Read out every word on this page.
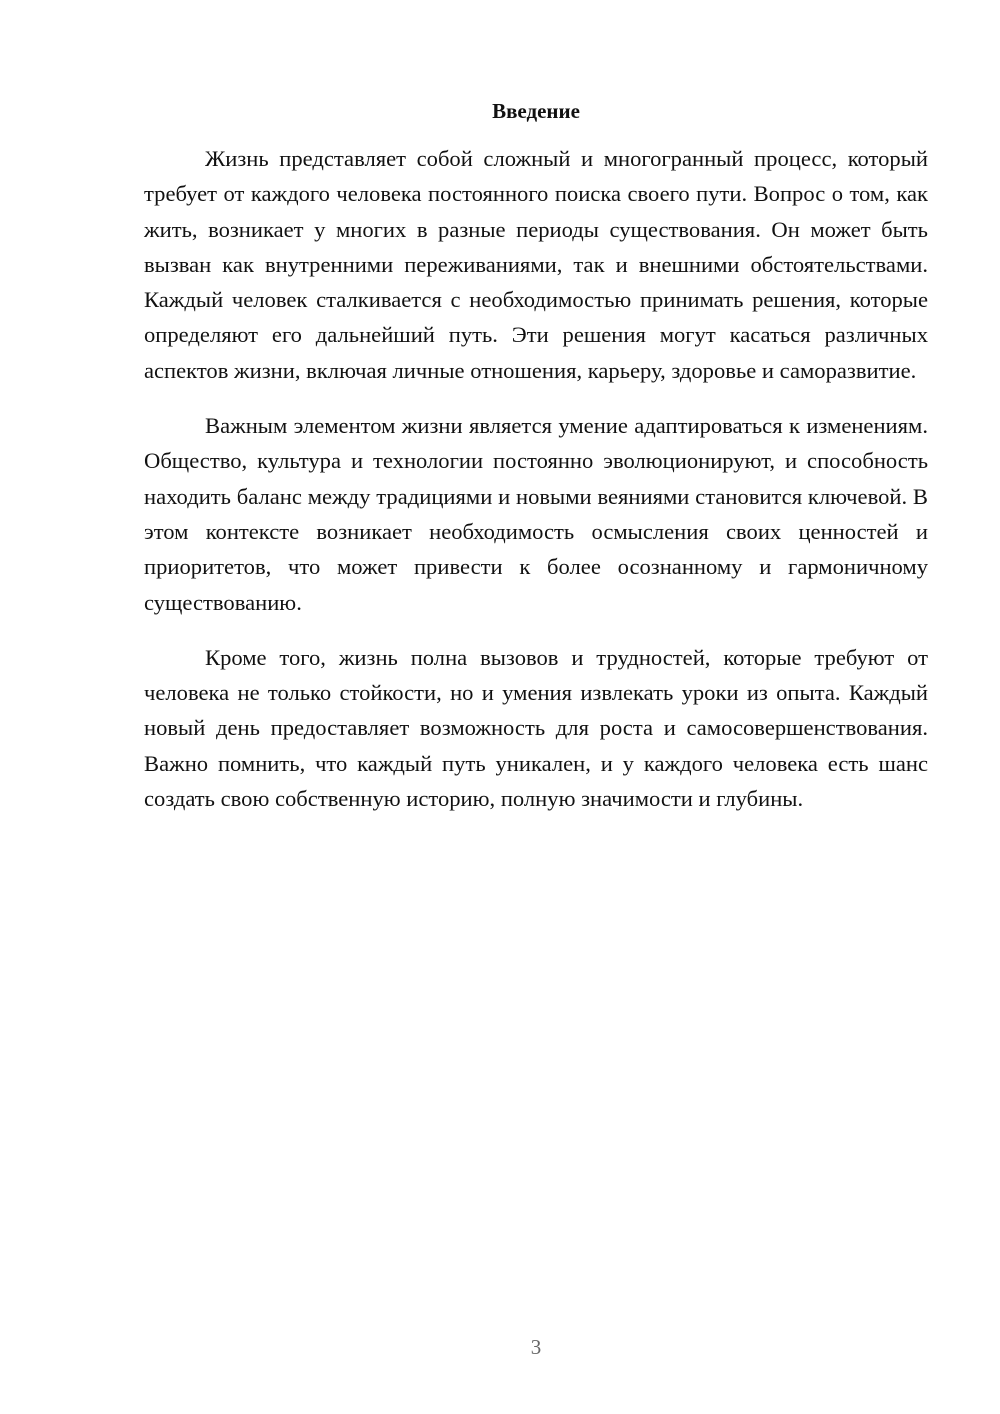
Введение

Жизнь представляет собой сложный и многогранный процесс, который требует от каждого человека постоянного поиска своего пути. Вопрос о том, как жить, возникает у многих в разные периоды существования. Он может быть вызван как внутренними переживаниями, так и внешними обстоятельствами. Каждый человек сталкивается с необходимостью принимать решения, которые определяют его дальнейший путь. Эти решения могут касаться различных аспектов жизни, включая личные отношения, карьеру, здоровье и саморазвитие.

Важным элементом жизни является умение адаптироваться к изменениям. Общество, культура и технологии постоянно эволюционируют, и способность находить баланс между традициями и новыми веяниями становится ключевой. В этом контексте возникает необходимость осмысления своих ценностей и приоритетов, что может привести к более осознанному и гармоничному существованию.

Кроме того, жизнь полна вызовов и трудностей, которые требуют от человека не только стойкости, но и умения извлекать уроки из опыта. Каждый новый день предоставляет возможность для роста и самосовершенствования. Важно помнить, что каждый путь уникален, и у каждого человека есть шанс создать свою собственную историю, полную значимости и глубины.

3
